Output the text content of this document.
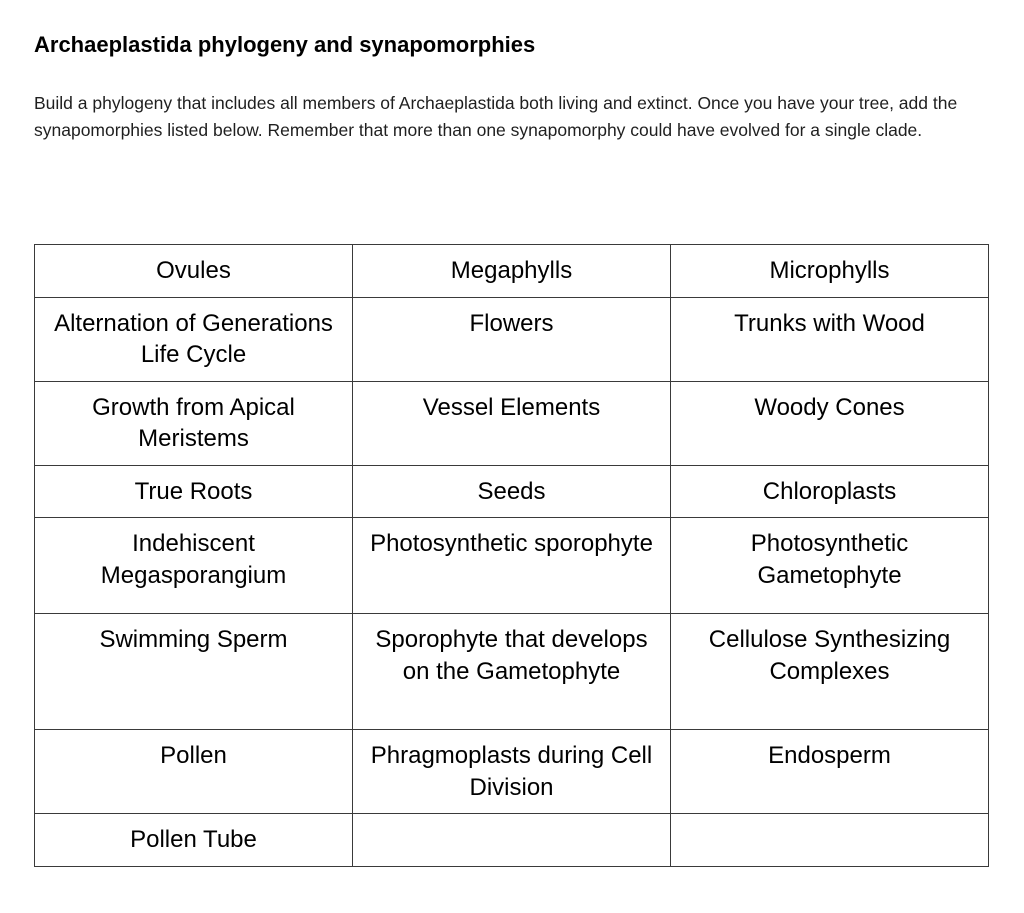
Archaeplastida phylogeny and synapomorphies

Build a phylogeny that includes all members of Archaeplastida both living and extinct. Once you have your tree, add the synapomorphies listed below. Remember that more than one synapomorphy could have evolved for a single clade.

Ovules	Megaphylls	Microphylls
Alternation of Generations Life Cycle	Flowers	Trunks with Wood
Growth from Apical Meristems	Vessel Elements	Woody Cones
True Roots	Seeds	Chloroplasts
Indehiscent Megasporangium	Photosynthetic sporophyte	Photosynthetic Gametophyte
Swimming Sperm	Sporophyte that develops on the Gametophyte	Cellulose Synthesizing Complexes
Pollen	Phragmoplasts during Cell Division	Endosperm
Pollen Tube		
